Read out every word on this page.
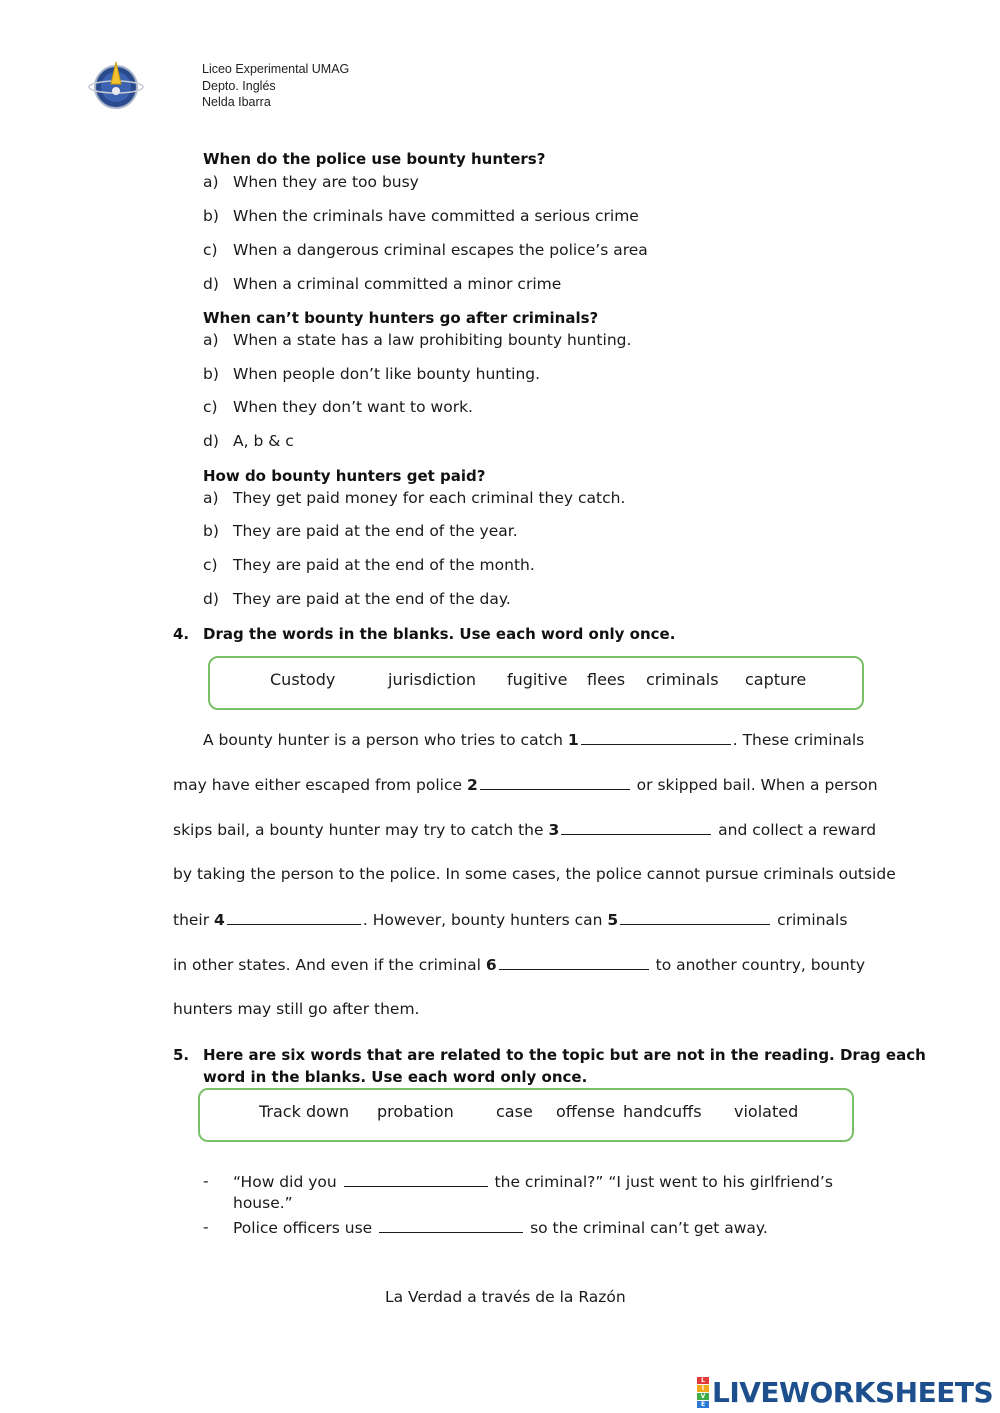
Liceo Experimental UMAG
Depto. Inglés
Nelda Ibarra
When do the police use bounty hunters?
a) When they are too busy
b) When the criminals have committed a serious crime
c) When a dangerous criminal escapes the police’s area
d) When a criminal committed a minor crime
When can’t bounty hunters go after criminals?
a) When a state has a law prohibiting bounty hunting.
b) When people don’t like bounty hunting.
c) When they don’t want to work.
d) A, b & c
How do bounty hunters get paid?
a) They get paid money for each criminal they catch.
b) They are paid at the end of the year.
c) They are paid at the end of the month.
d) They are paid at the end of the day.
4. Drag the words in the blanks. Use each word only once.
Custody	jurisdiction fugitive flees criminals capture
A bounty hunter is a person who tries to catch 1	. These criminals
may have either escaped from police 2	or skipped bail. When a person
skips bail, a bounty hunter may try to catch the 3	and collect a reward
by taking the person to the police. In some cases, the police cannot pursue criminals outside
their 4	. However, bounty hunters can 5	criminals
in other states. And even if the criminal 6	to another country, bounty
hunters may still go after them.
5. Here are six words that are related to the topic but are not in the reading. Drag each
word in the blanks. Use each word only once.
Track down probation	case offense handcuffs violated
-	“How did you	the criminal?” “I just went to his girlfriend’s
house.”
-	Police officers use	so the criminal can’t get away.
La Verdad a través de la Razón
L
I
V
E LIVEWORKSHEETS
